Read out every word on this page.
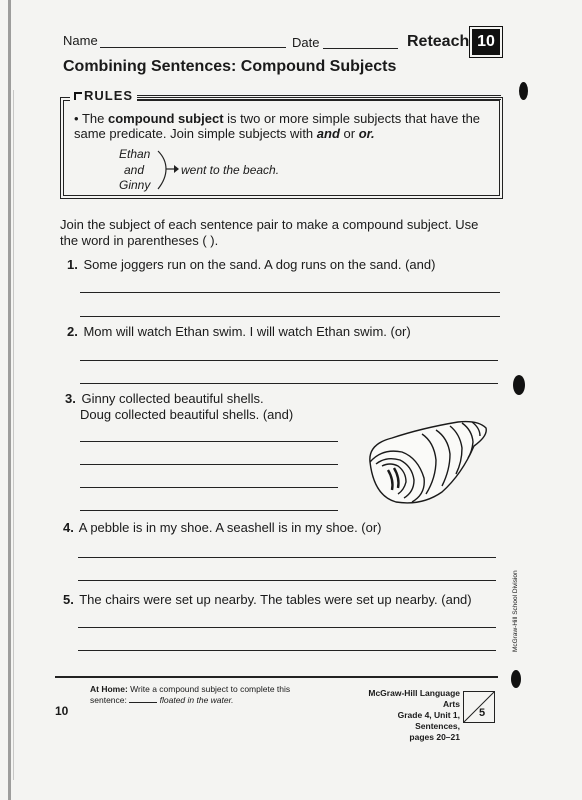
Name	Date	Reteach 10
Combining Sentences: Compound Subjects
RULES
• The compound subject is two or more simple subjects that have the same predicate. Join simple subjects with and or or.
Ethan
and
Ginny
went to the beach.
Join the subject of each sentence pair to make a compound subject. Use the word in parentheses ( ).
1. Some joggers run on the sand. A dog runs on the sand. (and)
2. Mom will watch Ethan swim. I will watch Ethan swim. (or)
3. Ginny collected beautiful shells.
Doug collected beautiful shells. (and)
4. A pebble is in my shoe. A seashell is in my shoe. (or)
5. The chairs were set up nearby. The tables were set up nearby. (and)
At Home: Write a compound subject to complete this
sentence:	floated in the water.
10
McGraw-Hill Language Arts
Grade 4, Unit 1, Sentences,
pages 20–21
5
McGraw-Hill School Division
